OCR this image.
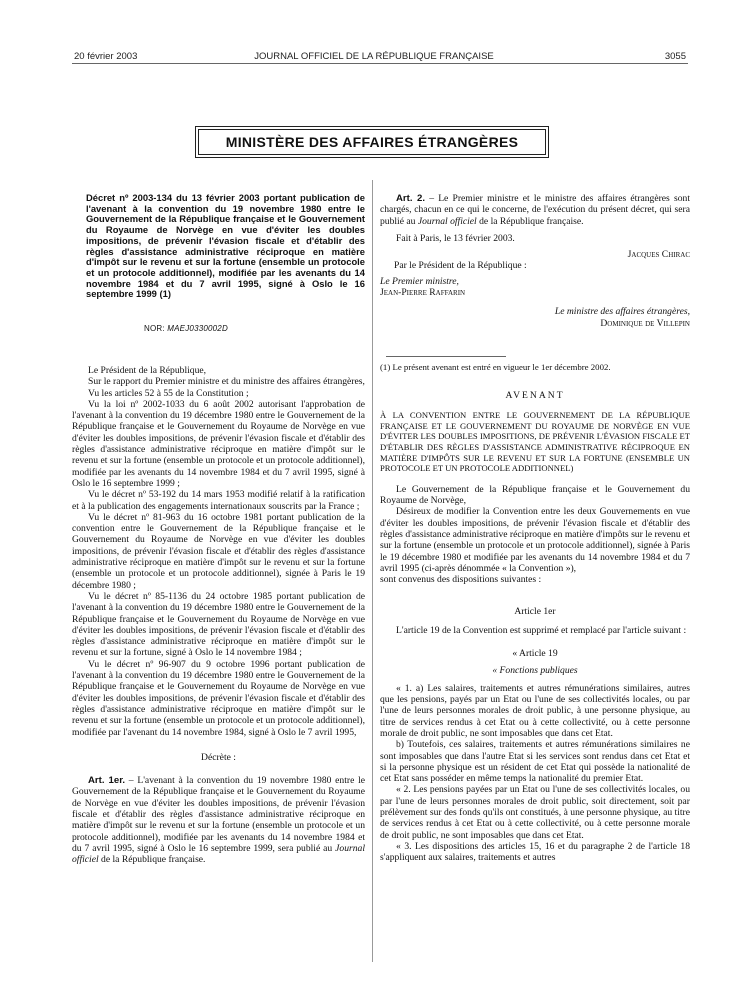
20 février 2003	JOURNAL OFFICIEL DE LA RÉPUBLIQUE FRANÇAISE	3055
MINISTÈRE DES AFFAIRES ÉTRANGÈRES
Décret nº 2003-134 du 13 février 2003 portant publication de l'avenant à la convention du 19 novembre 1980 entre le Gouvernement de la République française et le Gouvernement du Royaume de Norvège en vue d'éviter les doubles impositions, de prévenir l'évasion fiscale et d'établir des règles d'assistance administrative réciproque en matière d'impôt sur le revenu et sur la fortune (ensemble un protocole et un protocole additionnel), modifiée par les avenants du 14 novembre 1984 et du 7 avril 1995, signé à Oslo le 16 septembre 1999 (1)
NOR: MAEJ0330002D

Le Président de la République,

Sur le rapport du Premier ministre et du ministre des affaires étrangères,

Vu les articles 52 à 55 de la Constitution ;

Vu la loi nº 2002-1033 du 6 août 2002 autorisant l'approbation de l'avenant à la convention du 19 décembre 1980 entre le Gouvernement de la République française et le Gouvernement du Royaume de Norvège en vue d'éviter les doubles impositions, de prévenir l'évasion fiscale et d'établir des règles d'assistance administrative réciproque en matière d'impôt sur le revenu et sur la fortune (ensemble un protocole et un protocole additionnel), modifiée par les avenants du 14 novembre 1984 et du 7 avril 1995, signé à Oslo le 16 septembre 1999 ;

Vu le décret nº 53-192 du 14 mars 1953 modifié relatif à la ratification et à la publication des engagements internationaux souscrits par la France ;

Vu le décret nº 81-963 du 16 octobre 1981 portant publication de la convention entre le Gouvernement de la République française et le Gouvernement du Royaume de Norvège en vue d'éviter les doubles impositions, de prévenir l'évasion fiscale et d'établir des règles d'assistance administrative réciproque en matière d'impôt sur le revenu et sur la fortune (ensemble un protocole et un protocole additionnel), signée à Paris le 19 décembre 1980 ;

Vu le décret nº 85-1136 du 24 octobre 1985 portant publication de l'avenant à la convention du 19 décembre 1980 entre le Gouvernement de la République française et le Gouvernement du Royaume de Norvège en vue d'éviter les doubles impositions, de prévenir l'évasion fiscale et d'établir des règles d'assistance administrative réciproque en matière d'impôt sur le revenu et sur la fortune, signé à Oslo le 14 novembre 1984 ;

Vu le décret nº 96-907 du 9 octobre 1996 portant publication de l'avenant à la convention du 19 décembre 1980 entre le Gouvernement de la République française et le Gouvernement du Royaume de Norvège en vue d'éviter les doubles impositions, de prévenir l'évasion fiscale et d'établir des règles d'assistance administrative réciproque en matière d'impôt sur le revenu et sur la fortune (ensemble un protocole et un protocole additionnel), modifiée par l'avenant du 14 novembre 1984, signé à Oslo le 7 avril 1995,

Décrète :

Art. 1er. – L'avenant à la convention du 19 novembre 1980 entre le Gouvernement de la République française et le Gouvernement du Royaume de Norvège en vue d'éviter les doubles impositions, de prévenir l'évasion fiscale et d'établir des règles d'assistance administrative réciproque en matière d'impôt sur le revenu et sur la fortune (ensemble un protocole et un protocole additionnel), modifiée par les avenants du 14 novembre 1984 et du 7 avril 1995, signé à Oslo le 16 septembre 1999, sera publié au Journal officiel de la République française.

Art. 2. – Le Premier ministre et le ministre des affaires étrangères sont chargés, chacun en ce qui le concerne, de l'exécution du présent décret, qui sera publié au Journal officiel de la République française.

Fait à Paris, le 13 février 2003.

Jacques Chirac

Par le Président de la République :

Le Premier ministre,

Jean-Pierre Raffarin

Le ministre des affaires étrangères,

Dominique de Villepin

(1) Le présent avenant est entré en vigueur le 1er décembre 2002.

AVENANT

À LA CONVENTION ENTRE LE GOUVERNEMENT DE LA RÉPUBLIQUE FRANÇAISE ET LE GOUVERNEMENT DU ROYAUME DE NORVÈGE EN VUE D'ÉVITER LES DOUBLES IMPOSITIONS, DE PRÉVENIR L'ÉVASION FISCALE ET D'ÉTABLIR DES RÈGLES D'ASSISTANCE ADMINISTRATIVE RÉCIPROQUE EN MATIÈRE D'IMPÔTS SUR LE REVENU ET SUR LA FORTUNE (ENSEMBLE UN PROTOCOLE ET UN PROTOCOLE ADDITIONNEL)

Le Gouvernement de la République française et le Gouvernement du Royaume de Norvège,

Désireux de modifier la Convention entre les deux Gouvernements en vue d'éviter les doubles impositions, de prévenir l'évasion fiscale et d'établir des règles d'assistance administrative réciproque en matière d'impôts sur le revenu et sur la fortune (ensemble un protocole et un protocole additionnel), signée à Paris le 19 décembre 1980 et modifiée par les avenants du 14 novembre 1984 et du 7 avril 1995 (ci-après dénommée « la Convention »),

sont convenus des dispositions suivantes :

Article 1er

L'article 19 de la Convention est supprimé et remplacé par l'article suivant :

« Article 19

« Fonctions publiques

« 1. a) Les salaires, traitements et autres rémunérations similaires, autres que les pensions, payés par un Etat ou l'une de ses collectivités locales, ou par l'une de leurs personnes morales de droit public, à une personne physique, au titre de services rendus à cet Etat ou à cette collectivité, ou à cette personne morale de droit public, ne sont imposables que dans cet Etat.

b) Toutefois, ces salaires, traitements et autres rémunérations similaires ne sont imposables que dans l'autre Etat si les services sont rendus dans cet Etat et si la personne physique est un résident de cet Etat qui possède la nationalité de cet Etat sans posséder en même temps la nationalité du premier Etat.

« 2. Les pensions payées par un Etat ou l'une de ses collectivités locales, ou par l'une de leurs personnes morales de droit public, soit directement, soit par prélèvement sur des fonds qu'ils ont constitués, à une personne physique, au titre de services rendus à cet Etat ou à cette collectivité, ou à cette personne morale de droit public, ne sont imposables que dans cet Etat.

« 3. Les dispositions des articles 15, 16 et du paragraphe 2 de l'article 18 s'appliquent aux salaires, traitements et autres
